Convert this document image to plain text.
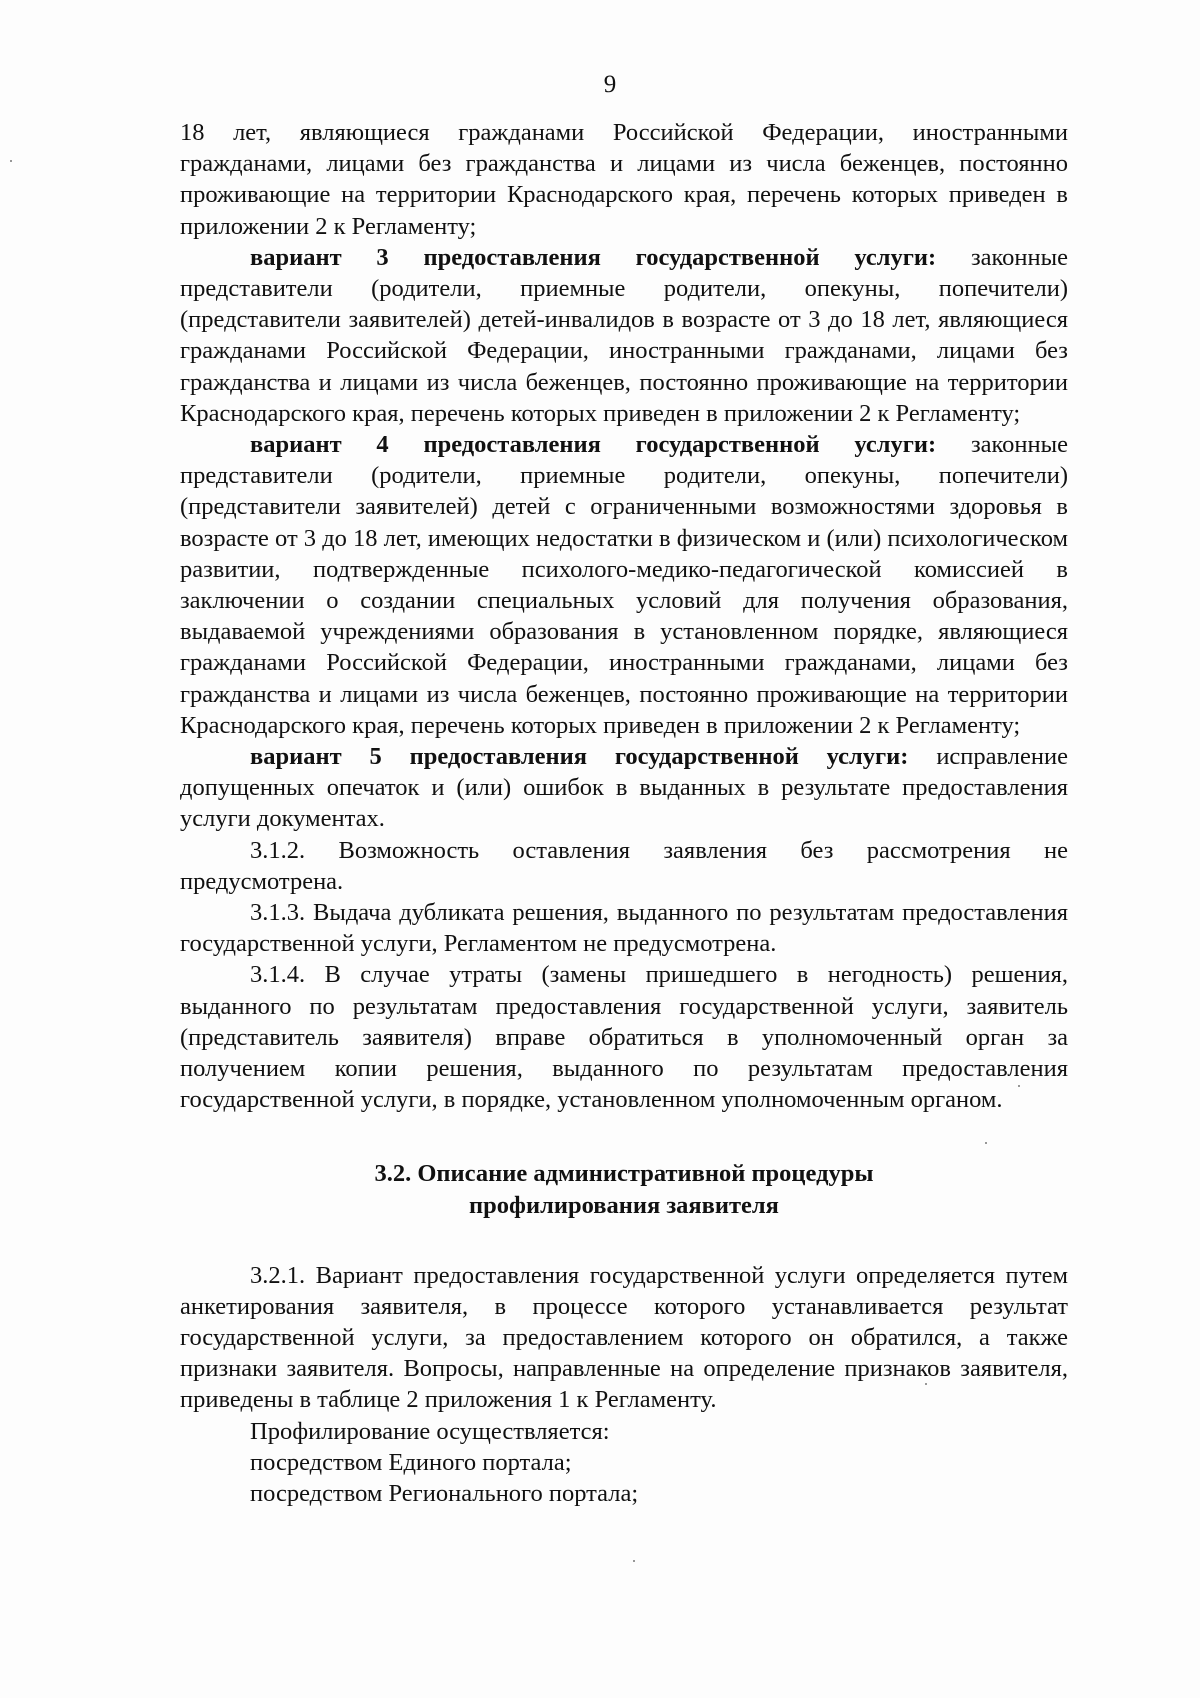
9

18 лет, являющиеся гражданами Российской Федерации, иностранными гражданами, лицами без гражданства и лицами из числа беженцев, постоянно проживающие на территории Краснодарского края, перечень которых приведен в приложении 2 к Регламенту;

вариант 3 предоставления государственной услуги: законные представители (родители, приемные родители, опекуны, попечители) (представители заявителей) детей-инвалидов в возрасте от 3 до 18 лет, являющиеся гражданами Российской Федерации, иностранными гражданами, лицами без гражданства и лицами из числа беженцев, постоянно проживающие на территории Краснодарского края, перечень которых приведен в приложении 2 к Регламенту;

вариант 4 предоставления государственной услуги: законные представители (родители, приемные родители, опекуны, попечители) (представители заявителей) детей с ограниченными возможностями здоровья в возрасте от 3 до 18 лет, имеющих недостатки в физическом и (или) психологическом развитии, подтвержденные психолого-медико-педагогической комиссией в заключении о создании специальных условий для получения образования, выдаваемой учреждениями образования в установленном порядке, являющиеся гражданами Российской Федерации, иностранными гражданами, лицами без гражданства и лицами из числа беженцев, постоянно проживающие на территории Краснодарского края, перечень которых приведен в приложении 2 к Регламенту;

вариант 5 предоставления государственной услуги: исправление допущенных опечаток и (или) ошибок в выданных в результате предоставления услуги документах.

3.1.2. Возможность оставления заявления без рассмотрения не предусмотрена.

3.1.3. Выдача дубликата решения, выданного по результатам предоставления государственной услуги, Регламентом не предусмотрена.

3.1.4. В случае утраты (замены пришедшего в негодность) решения, выданного по результатам предоставления государственной услуги, заявитель (представитель заявителя) вправе обратиться в уполномоченный орган за получением копии решения, выданного по результатам предоставления государственной услуги, в порядке, установленном уполномоченным органом.

3.2. Описание административной процедуры
профилирования заявителя

3.2.1. Вариант предоставления государственной услуги определяется путем анкетирования заявителя, в процессе которого устанавливается результат государственной услуги, за предоставлением которого он обратился, а также признаки заявителя. Вопросы, направленные на определение признаков заявителя, приведены в таблице 2 приложения 1 к Регламенту.

Профилирование осуществляется:

посредством Единого портала;

посредством Регионального портала;
